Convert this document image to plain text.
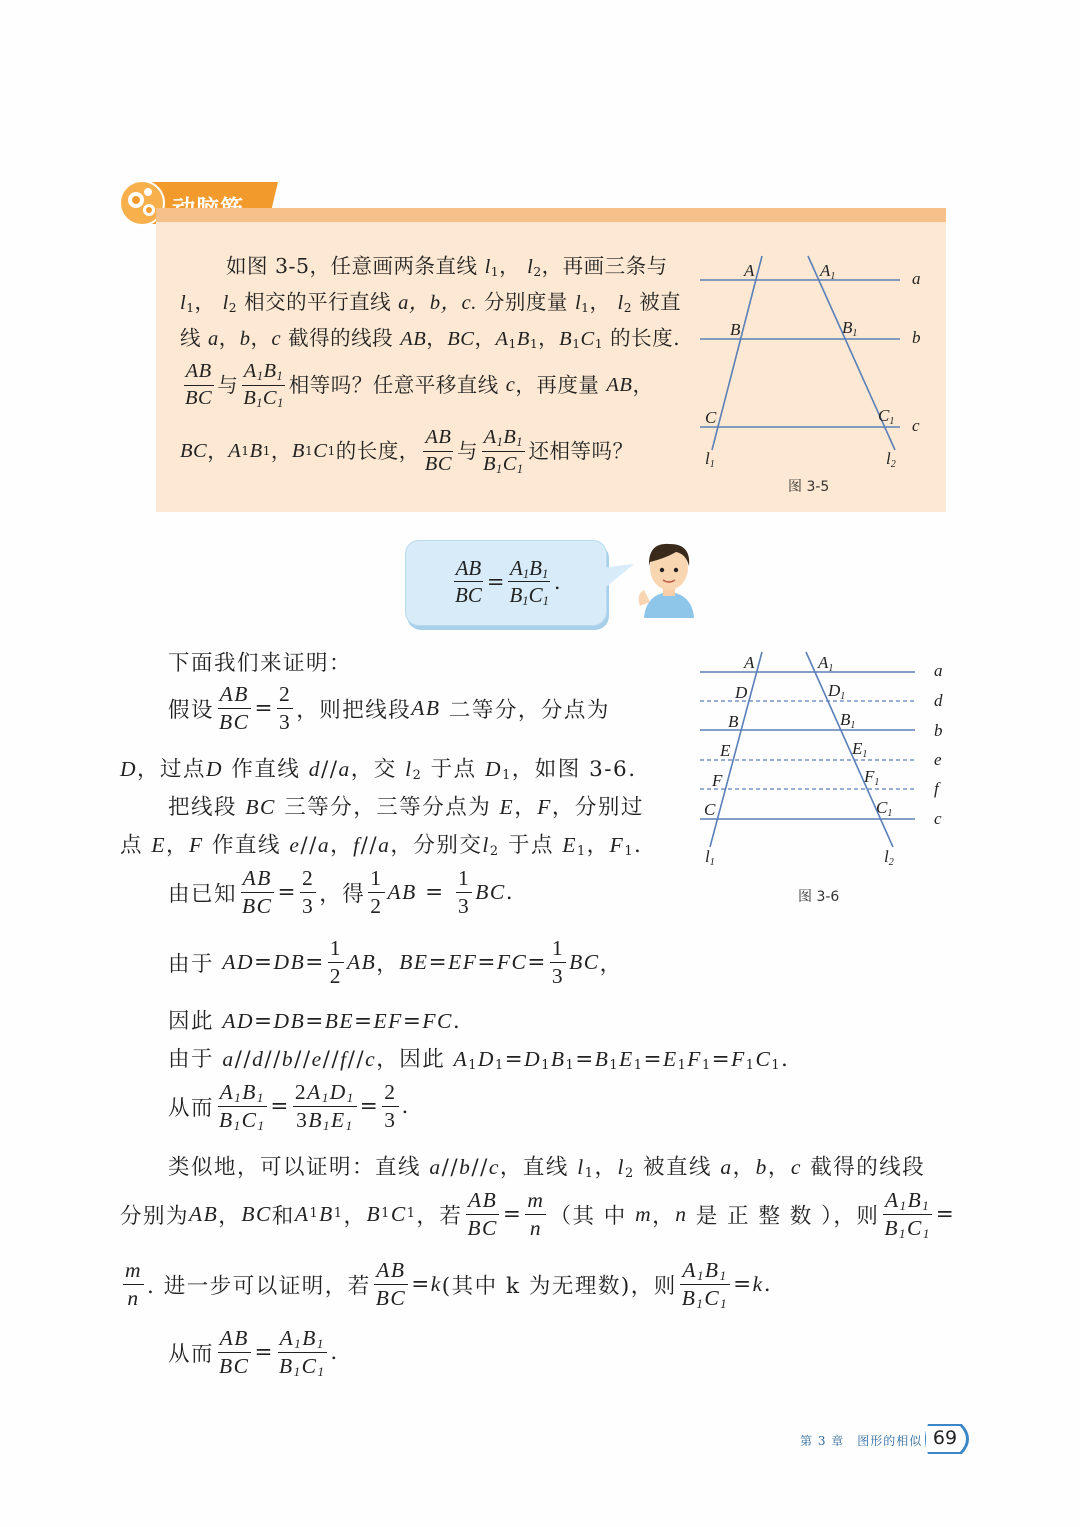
如图 3-5，任意画两条直线 $l_1$， $l_2$，再画三条与
$l_1$， $l_2$ 相交的平行直线 a，b，c. 分别度量 $l_1$， $l_2$ 被直
线 a，b，c 截得的线段 AB，BC，$A_1B_1$，$B_1C_1$ 的长度.
$\frac{AB}{BC}$ 与 $\frac{A_1B_1}{B_1C_1}$ 相等吗？任意平移直线
c ，再度量
AB ，
BC ， A 1 B 1 ， B 1 C 1 的长度， $\frac{AB}{BC}$ 与 $\frac{A_1B_1}{B_1C_1}$ 还相等吗？
A	A1	a
B	B1	b
C	C1 c
l1	l2
图 3-5
$\frac{AB}{BC} = \frac{A_1B_1}{B_1C_1}$ .
A	A1	a
D	D1	d
B	B1	b
E	E1	e
F	F1	f
C	C1 c
l1	l2
图 3-6
下面我们来证明：
假设 $\frac{AB}{BC} = \frac{2}{3}$ ，则把线段 AB
二等分，分点为
D，过点D 作直线 d//a，交 $l_2$ 于点 $D_1$，如图 3-6.
把线段 BC 三等分，三等分点为 E，F，分别过
点 E，F 作直线 e//a，f//a，分别交$l_2$ 于点 $E_1$，$F_1$.
由已知 $\frac{AB}{BC} = \frac{2}{3}$ ，得 $\frac{1}{2}$ AB = $\frac{1}{3}$ BC .
由于
AD = DB = $\frac{1}{2}$ AB ， BE = EF = FC = $\frac{1}{3}$ BC ，
因此 AD=DB=BE=EF=FC.
由于 a//d//b//e//f//c，因此 $A_1D_1=D_1B_1=B_1E_1=E_1F_1=F_1C_1$.
从而 $\frac{A_1B_1}{B_1C_1} = \frac{2A_1D_1}{3B_1E_1} = \frac{2}{3}$ .
类似地，可以证明：直线 a//b//c，直线 $l_1$，$l_2$ 被直线 a，b，c 截得的线段
分别为 AB ， BC 和 A 1 B 1 ， B 1 C 1 ，若 $\frac{AB}{BC} = \frac{m}{n}$ （其 中
m ， n
是 正 整 数 ），则 $\frac{A_1B_1}{B_1C_1}$ =
$\frac{m}{n}$ . 进一步可以证明，若 $\frac{AB}{BC} = k$ (其中 k 为无理数)，则 $\frac{A_1B_1}{B_1C_1} = k$ .
从而 $\frac{AB}{BC} = \frac{A_1B_1}{B_1C_1}$ .
第 3 章　图形的相似 69
